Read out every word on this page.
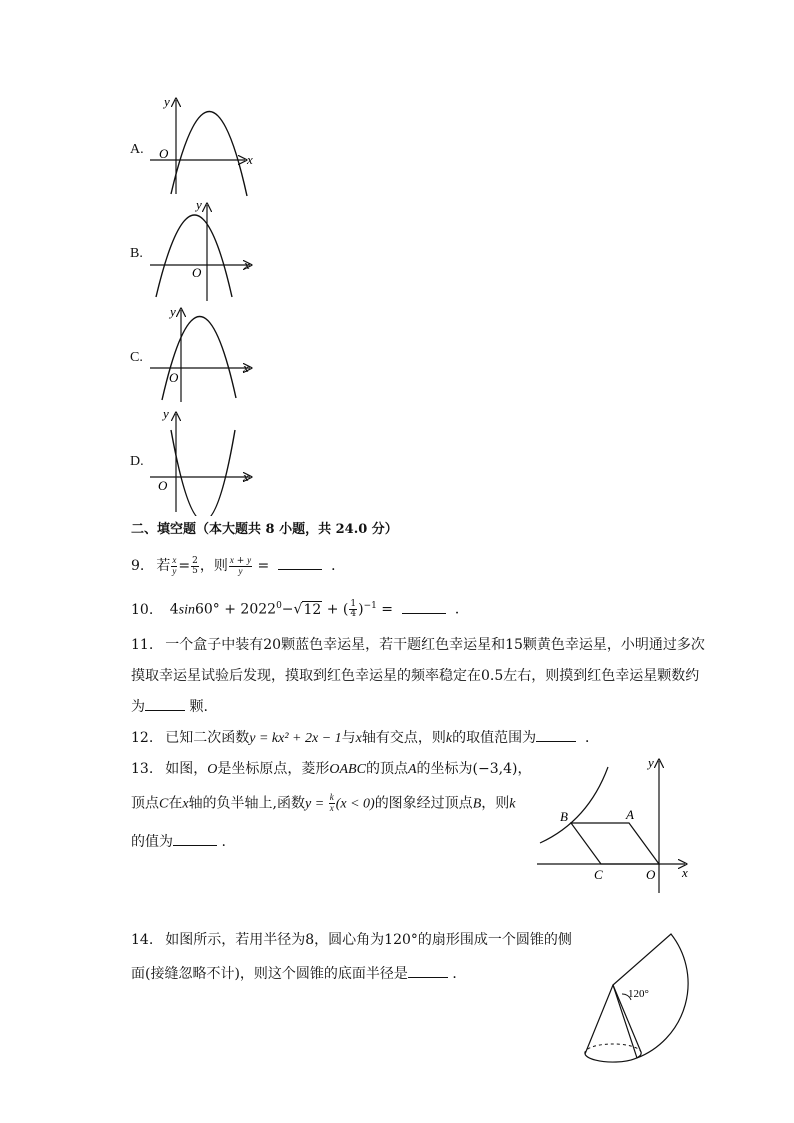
A.
x
y
O
B.
x
y
O
C.
x
y
O
D.
x
y
O
二、填空题（本大题共 8 小题，共 24.0 分）
9. 若 $\frac{x}{y} = \frac{2}{5}$ ，则 $\frac{x + y}{y}$ =	．
10. $4\sin 60^\circ + 2022^0-√12$ + ( $\frac{1}{4} )^{-1}$ =	．
11. 一个盒子中装有20颗蓝色幸运星，若干题红色幸运星和15颗黄色幸运星，小明通过多次
摸取幸运星试验后发现，摸取到红色幸运星的频率稳定在0.5左右，则摸到红色幸运星颗数约
为	颗.
12. 已知二次函数y = kx² + 2x − 1与x轴有交点，则k的取值范围为	．
13. 如图，O是坐标原点，菱形OABC的顶点A的坐标为(−3,4)，
顶点C在x轴的负半轴上,函数$y = \frac{k}{x} (x < 0)$的图象经过顶点B，则k
的值为	.
B	A
C	O x
y
14. 如图所示，若用半径为8，圆心角为120°的扇形围成一个圆锥的侧
面(接缝忽略不计)，则这个圆锥的底面半径是	．
120°
